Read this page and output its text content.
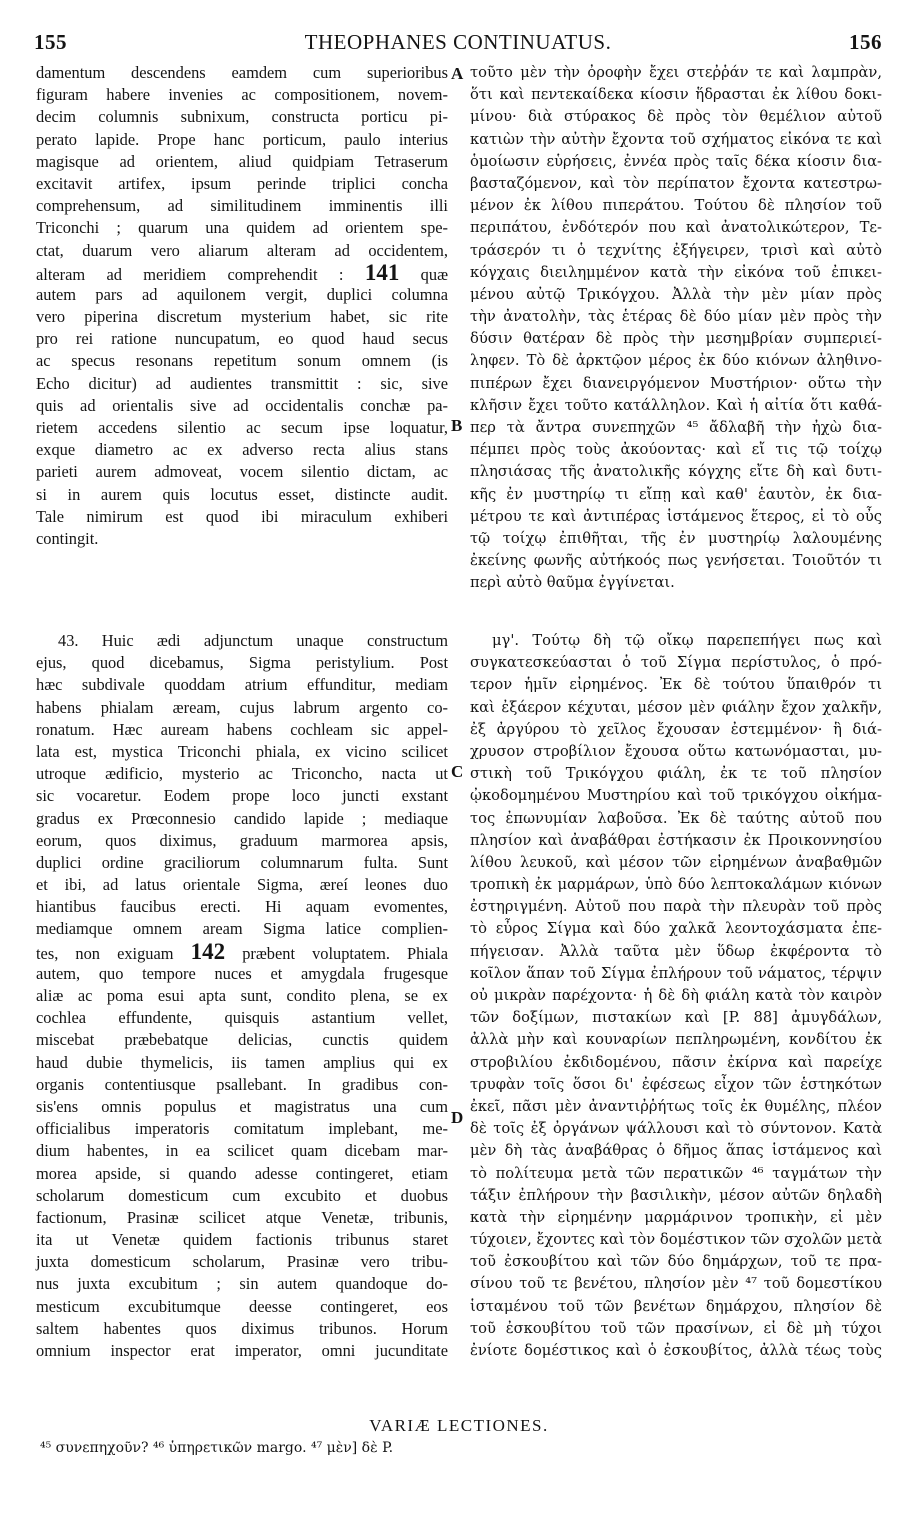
155	THEOPHANES CONTINUATUS.	156
damentum descendens eamdem cum superioribus
figuram habere invenies ac compositionem, novem-
decim columnis subnixum, constructa porticu pi-
perato lapide. Prope hanc porticum, paulo interius
magisque ad orientem, aliud quidpiam Tetraserum
excitavit artifex, ipsum perinde triplici concha
comprehensum, ad similitudinem imminentis illi
Triconchi ; quarum una quidem ad orientem spe-
ctat, duarum vero aliarum alteram ad occidentem,
alteram ad meridiem comprehendit : 141 quæ
autem pars ad aquilonem vergit, duplici columna
vero piperina discretum mysterium habet, sic rite
pro rei ratione nuncupatum, eo quod haud secus
ac specus resonans repetitum sonum omnem (is
Echo dicitur) ad audientes transmittit : sic, sive
quis ad orientalis sive ad occidentalis conchæ pa-
rietem accedens silentio ac secum ipse loquatur,
exque diametro ac ex adverso recta alius stans
parieti aurem admoveat, vocem silentio dictam, ac
si in aurem quis locutus esset, distincte audit.
Tale nimirum est quod ibi miraculum exhiberi
contingit.
43. Huic ædi adjunctum unaque constructum
ejus, quod dicebamus, Sigma peristylium. Post
hæc subdivale quoddam atrium effunditur, mediam
habens phialam æream, cujus labrum argento co-
ronatum. Hæc auream habens cochleam sic appel-
lata est, mystica Triconchi phiala, ex vicino scilicet
utroque ædificio, mysterio ac Triconcho, nacta ut
sic vocaretur. Eodem prope loco juncti exstant
gradus ex Prœconnesio candido lapide ; mediaque
eorum, quos diximus, graduum marmorea apsis,
duplici ordine graciliorum columnarum fulta. Sunt
et ibi, ad latus orientale Sigma, æreí leones duo
hiantibus faucibus erecti. Hi aquam evomentes,
mediamque omnem aream Sigma latice complien-
tes, non exiguam 142 præbent voluptatem. Phiala
autem, quo tempore nuces et amygdala frugesque
aliæ ac poma esui apta sunt, condito plena, se ex
cochlea effundente, quisquis astantium vellet,
miscebat præbebatque delicias, cunctis quidem
haud dubie thymelicis, iis tamen amplius qui ex
organis contentiusque psallebant. In gradibus con-
sis'ens omnis populus et magistratus una cum
officialibus imperatoris comitatum implebant, me-
dium habentes, in ea scilicet quam dicebam mar-
morea apside, si quando adesse contingeret, etiam
scholarum domesticum cum excubito et duobus
factionum, Prasinæ scilicet atque Venetæ, tribunis,
ita ut Venetæ quidem factionis tribunus staret
juxta domesticum scholarum, Prasinæ vero tribu-
nus juxta excubitum ; sin autem quandoque do-
mesticum excubitumque deesse contingeret, eos
saltem habentes quos diximus tribunos. Horum
omnium inspector erat imperator, omni jucunditate
τοῦτο μὲν τὴν ὀροφὴν ἔχει στεῤῥάν τε καὶ λαμπρὰν,
ὅτι καὶ πεντεκαίδεκα κίοσιν ἥδρασται ἐκ λίθου δοκι-
μίνου· διὰ στύρακος δὲ πρὸς τὸν θεμέλιον αὐτοῦ
κατιὼν τὴν αὐτὴν ἔχοντα τοῦ σχήματος εἰκόνα τε καὶ
ὁμοίωσιν εὑρήσεις, ἐννέα πρὸς ταῖς δέκα κίοσιν δια-
βασταζόμενον, καὶ τὸν περίπατον ἔχοντα κατεστρω-
μένον ἐκ λίθου πιπεράτου. Τούτου δὲ πλησίον τοῦ
περιπάτου, ἐνδότερόν που καὶ ἀνατολικώτερον, Τε-
τράσερόν τι ὁ τεχνίτης ἐξήγειρεν, τρισὶ καὶ αὐτὸ
κόγχαις διειλημμένον κατὰ τὴν εἰκόνα τοῦ ἐπικει-
μένου αὐτῷ Τρικόγχου. Ἀλλὰ τὴν μὲν μίαν πρὸς
τὴν ἀνατολὴν, τὰς ἑτέρας δὲ δύο μίαν μὲν πρὸς τὴν
δύσιν θατέραν δὲ πρὸς τὴν μεσημβρίαν συμπεριεί-
ληφεν. Τὸ δὲ ἀρκτῷον μέρος ἐκ δύο κιόνων ἀληθινο-
πιπέρων ἔχει διανειργόμενον Μυστήριον· οὕτω τὴν
κλῆσιν ἔχει τοῦτο κατάλληλον. Καὶ ἡ αἰτία ὅτι καθά-
περ τὰ ἄντρα συνεπηχῶν ⁴⁵ ἄδλαβῆ τὴν ἠχὼ δια-
πέμπει πρὸς τοὺς ἀκούοντας· καὶ εἴ τις τῷ τοίχῳ
πλησιάσας τῆς ἀνατολικῆς κόγχης εἴτε δὴ καὶ δυτι-
κῆς ἐν μυστηρίῳ τι εἴπῃ καὶ καθ' ἑαυτὸν, ἐκ δια-
μέτρου τε καὶ ἀντιπέρας ἱστάμενος ἕτερος, εἰ τὸ οὖς
τῷ τοίχῳ ἐπιθῆται, τῆς ἐν μυστηρίῳ λαλουμένης
ἐκείνης φωνῆς αὐτήκοός πως γενήσεται. Τοιοῦτόν τι
περὶ αὐτὸ θαῦμα ἐγγίνεται.
μγ'. Τούτῳ δὴ τῷ οἴκῳ παρεπεπήγει πως καὶ
συγκατεσκεύασται ὁ τοῦ Σίγμα περίστυλος, ὁ πρό-
τερον ἡμῖν εἰρημένος. Ἐκ δὲ τούτου ὕπαιθρόν τι
καὶ ἐξάερον κέχυται, μέσον μὲν φιάλην ἔχον χαλκῆν,
ἐξ ἀργύρου τὸ χεῖλος ἔχουσαν ἐστεμμένον· ἣ διά-
χρυσον στροβίλιον ἔχουσα οὕτω κατωνόμασται, μυ-
στικὴ τοῦ Τρικόγχου φιάλη, ἐκ τε τοῦ πλησίον
ᾠκοδομημένου Μυστηρίου καὶ τοῦ τρικόγχου οἰκήμα-
τος ἐπωνυμίαν λαβοῦσα. Ἐκ δὲ ταύτης αὐτοῦ που
πλησίον καὶ ἀναβάθραι ἐστήκασιν ἐκ Προικοννησίου
λίθου λευκοῦ, καὶ μέσον τῶν εἰρημένων ἀναβαθμῶν
τροπικὴ ἐκ μαρμάρων, ὑπὸ δύο λεπτοκαλάμων κιόνων
ἐστηριγμένη. Αὐτοῦ που παρὰ τὴν πλευρὰν τοῦ πρὸς
τὸ εὖρος Σίγμα καὶ δύο χαλκᾶ λεοντοχάσματα ἐπε-
πήγεισαν. Ἀλλὰ ταῦτα μὲν ὕδωρ ἐκφέροντα τὸ
κοῖλον ἅπαν τοῦ Σίγμα ἐπλήρουν τοῦ νάματος, τέρψιν
οὐ μικρὰν παρέχοντα· ἡ δὲ δὴ φιάλη κατὰ τὸν καιρὸν
τῶν δοξίμων, πιστακίων καὶ [P. 88] ἀμυγδάλων,
ἀλλὰ μὴν καὶ κουναρίων πεπληρωμένη, κονδίτου ἐκ
στροβιλίου ἐκδιδομένου, πᾶσιν ἐκίρνα καὶ παρείχε
τρυφὰν τοῖς ὅσοι δι' ἐφέσεως εἶχον τῶν ἑστηκότων
ἐκεῖ, πᾶσι μὲν ἀναντιῤῥήτως τοῖς ἐκ θυμέλης, πλέον
δὲ τοῖς ἐξ ὀργάνων ψάλλουσι καὶ τὸ σύντονον. Κατὰ
μὲν δὴ τὰς ἀναβάθρας ὁ δῆμος ἅπας ἱστάμενος καὶ
τὸ πολίτευμα μετὰ τῶν περατικῶν ⁴⁶ ταγμάτων τὴν
τάξιν ἐπλήρουν τὴν βασιλικὴν, μέσον αὐτῶν δηλαδὴ
κατὰ τὴν εἰρημένην μαρμάρινον τροπικὴν, εἰ μὲν
τύχοιεν, ἔχοντες καὶ τὸν δομέστικον τῶν σχολῶν μετὰ
τοῦ ἐσκουβίτου καὶ τῶν δύο δημάρχων, τοῦ τε πρα-
σίνου τοῦ τε βενέτου, πλησίον μὲν ⁴⁷ τοῦ δομεστίκου
ἱσταμένου τοῦ τῶν βενέτων δημάρχου, πλησίον δὲ
τοῦ ἐσκουβίτου τοῦ τῶν πρασίνων, εἰ δὲ μὴ τύχοι
ἐνίοτε δομέστικος καὶ ὁ ἐσκουβίτος, ἀλλὰ τέως τοὺς
A
B
C
D
VARIÆ LECTIONES.
⁴⁵ συνεπηχοῦν? ⁴⁶ ὑπηρετικῶν margo. ⁴⁷ μὲν] δὲ P.
